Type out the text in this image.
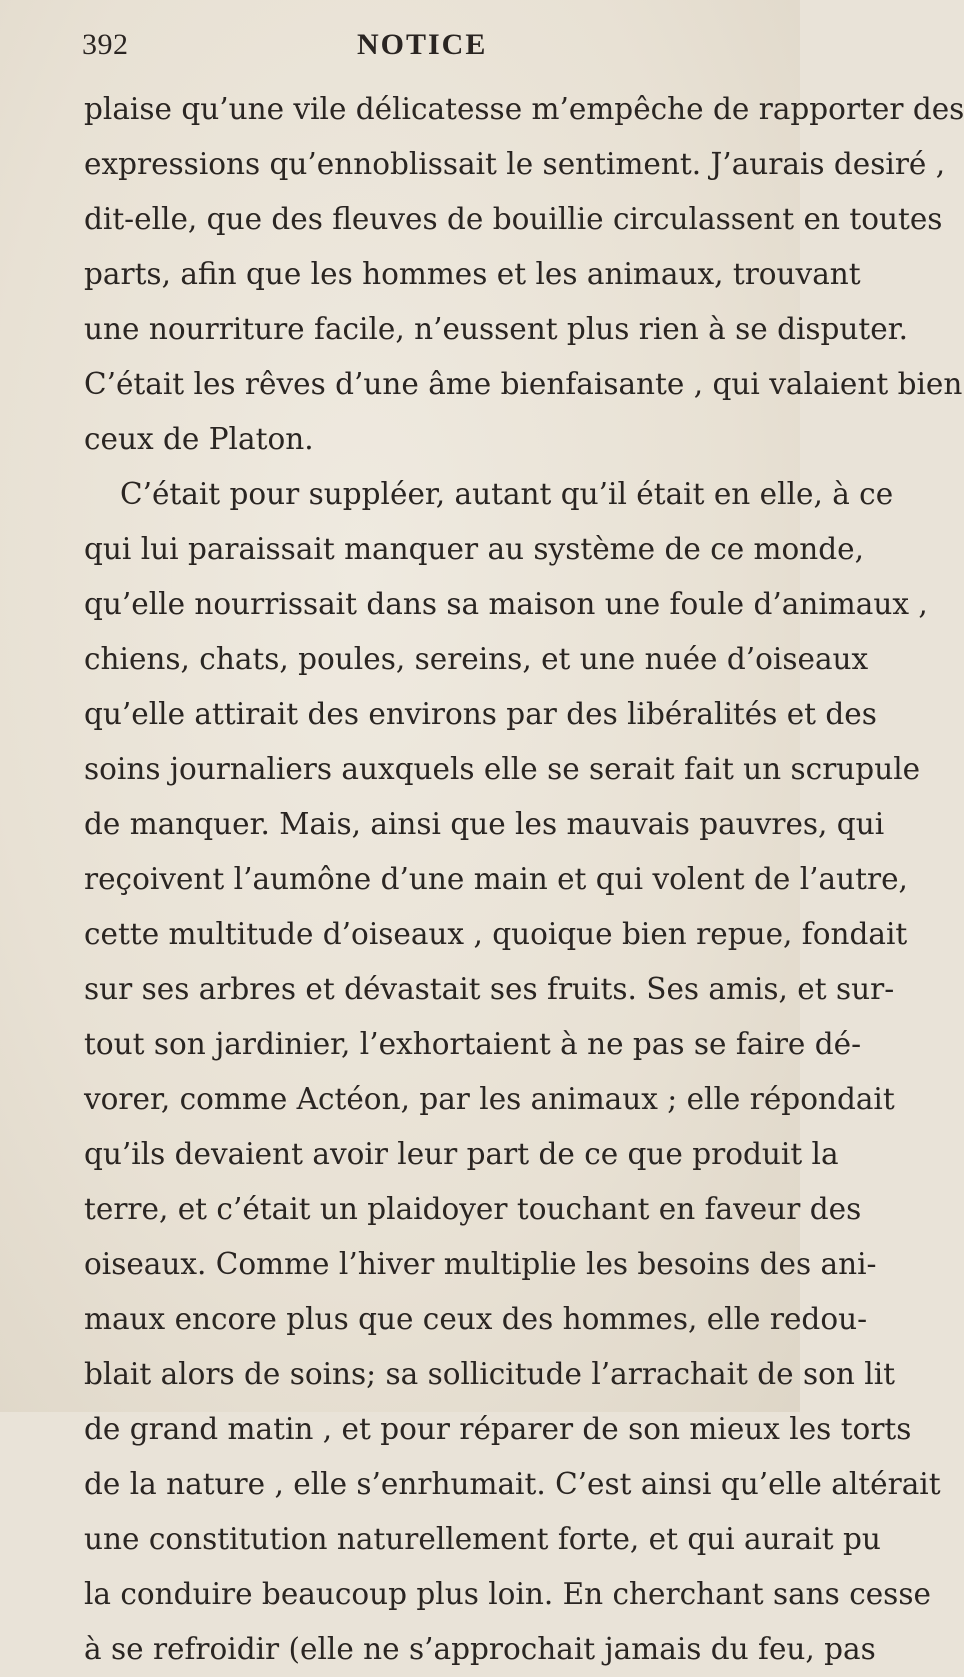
392	NOTICE
plaise qu’une vile délicatesse m’empêche de rapporter des
expressions qu’ennoblissait le sentiment. J’aurais desiré ,
dit-elle, que des fleuves de bouillie circulassent en toutes
parts, afin que les hommes et les animaux, trouvant
une nourriture facile, n’eussent plus rien à se disputer.
C’était les rêves d’une âme bienfaisante , qui valaient bien
ceux de Platon.
C’était pour suppléer, autant qu’il était en elle, à ce
qui lui paraissait manquer au système de ce monde,
qu’elle nourrissait dans sa maison une foule d’animaux ,
chiens, chats, poules, sereins, et une nuée d’oiseaux
qu’elle attirait des environs par des libéralités et des
soins journaliers auxquels elle se serait fait un scrupule
de manquer. Mais, ainsi que les mauvais pauvres, qui
reçoivent l’aumône d’une main et qui volent de l’autre,
cette multitude d’oiseaux , quoique bien repue, fondait
sur ses arbres et dévastait ses fruits. Ses amis, et sur-
tout son jardinier, l’exhortaient à ne pas se faire dé-
vorer, comme Actéon, par les animaux ; elle répondait
qu’ils devaient avoir leur part de ce que produit la
terre, et c’était un plaidoyer touchant en faveur des
oiseaux. Comme l’hiver multiplie les besoins des ani-
maux encore plus que ceux des hommes, elle redou-
blait alors de soins; sa sollicitude l’arrachait de son lit
de grand matin , et pour réparer de son mieux les torts
de la nature , elle s’enrhumait. C’est ainsi qu’elle altérait
une constitution naturellement forte, et qui aurait pu
la conduire beaucoup plus loin. En cherchant sans cesse
à se refroidir (elle ne s’approchait jamais du feu, pas
